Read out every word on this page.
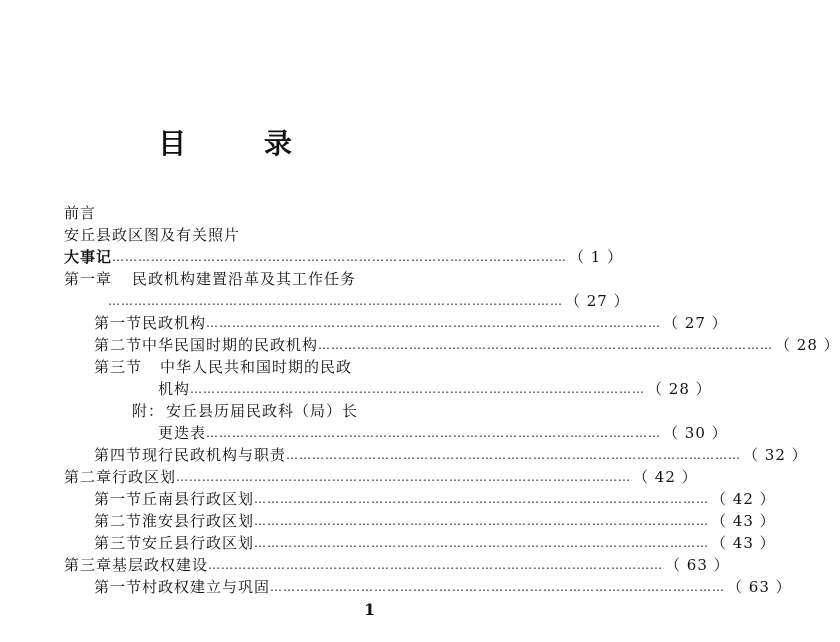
目 录
前言
安丘县政区图及有关照片
大事记 …………………………………………………………………………………………… （ 1 ）
第一章 民政机构建置沿革及其工作任务
…………………………………………………………………………………………… （ 27 ）
第一节 民政机构 …………………………………………………………………………………………… （ 27 ）
第二节 中华民国时期的民政机构 …………………………………………………………………………………………… （ 28 ）
第三节 中华人民共和国时期的民政
机构 …………………………………………………………………………………………… （ 28 ）
附： 安丘县历届民政科（局）长
更迭表 …………………………………………………………………………………………… （ 30 ）
第四节 现行民政机构与职责 …………………………………………………………………………………………… （ 32 ）
第二章 行政区划 …………………………………………………………………………………………… （ 42 ）
第一节 丘南县行政区划 …………………………………………………………………………………………… （ 42 ）
第二节 淮安县行政区划 …………………………………………………………………………………………… （ 43 ）
第三节 安丘县行政区划 …………………………………………………………………………………………… （ 43 ）
第三章 基层政权建设 …………………………………………………………………………………………… （ 63 ）
第一节 村政权建立与巩固 …………………………………………………………………………………………… （ 63 ）
1
